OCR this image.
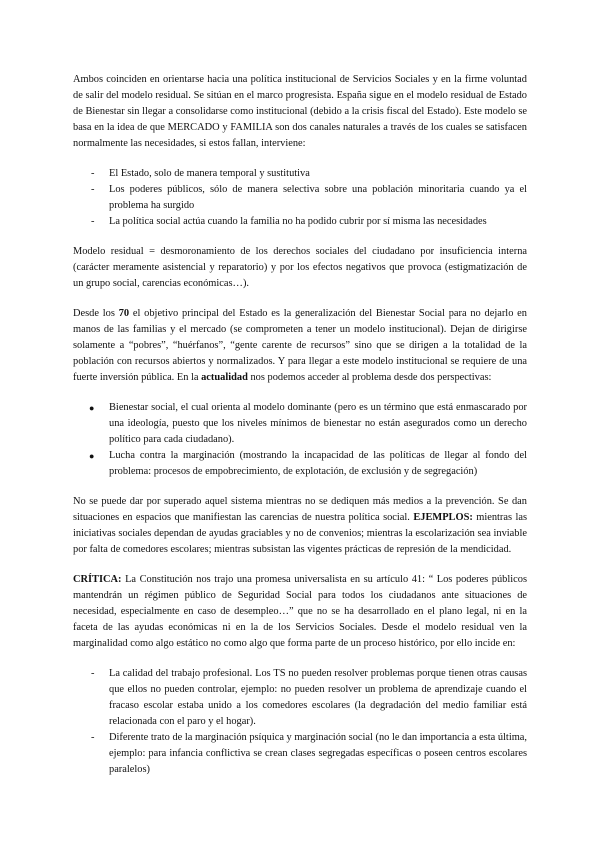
Ambos coinciden en orientarse hacia una política institucional de Servicios Sociales y en la firme voluntad de salir del modelo residual. Se sitúan en el marco progresista. España sigue en el modelo residual de Estado de Bienestar sin llegar a consolidarse como institucional (debido a la crisis fiscal del Estado). Este modelo se basa en la idea de que MERCADO y FAMILIA son dos canales naturales a través de los cuales se satisfacen normalmente las necesidades, si estos fallan, interviene:

- El Estado, solo de manera temporal y sustitutiva
- Los poderes públicos, sólo de manera selectiva sobre una población minoritaria cuando ya el problema ha surgido
- La política social actúa cuando la familia no ha podido cubrir por sí misma las necesidades

Modelo residual = desmoronamiento de los derechos sociales del ciudadano por insuficiencia interna (carácter meramente asistencial y reparatorio) y por los efectos negativos que provoca (estigmatización de un grupo social, carencias económicas…).

Desde los 70 el objetivo principal del Estado es la generalización del Bienestar Social para no dejarlo en manos de las familias y el mercado (se comprometen a tener un modelo institucional). Dejan de dirigirse solamente a “pobres”, “huérfanos”, “gente carente de recursos” sino que se dirigen a la totalidad de la población con recursos abiertos y normalizados. Y para llegar a este modelo institucional se requiere de una fuerte inversión pública. En la actualidad nos podemos acceder al problema desde dos perspectivas:

● Bienestar social, el cual orienta al modelo dominante (pero es un término que está enmascarado por una ideología, puesto que los niveles mínimos de bienestar no están asegurados como un derecho político para cada ciudadano).
● Lucha contra la marginación (mostrando la incapacidad de las políticas de llegar al fondo del problema: procesos de empobrecimiento, de explotación, de exclusión y de segregación)

No se puede dar por superado aquel sistema mientras no se dediquen más medios a la prevención. Se dan situaciones en espacios que manifiestan las carencias de nuestra política social. EJEMPLOS: mientras las iniciativas sociales dependan de ayudas graciables y no de convenios; mientras la escolarización sea inviable por falta de comedores escolares; mientras subsistan las vigentes prácticas de represión de la mendicidad.

CRÍTICA: La Constitución nos trajo una promesa universalista en su artículo 41: “ Los poderes públicos mantendrán un régimen público de Seguridad Social para todos los ciudadanos ante situaciones de necesidad, especialmente en caso de desempleo…” que no se ha desarrollado en el plano legal, ni en la faceta de las ayudas económicas ni en la de los Servicios Sociales. Desde el modelo residual ven la marginalidad como algo estático no como algo que forma parte de un proceso histórico, por ello incide en:

- La calidad del trabajo profesional. Los TS no pueden resolver problemas porque tienen otras causas que ellos no pueden controlar, ejemplo: no pueden resolver un problema de aprendizaje cuando el fracaso escolar estaba unido a los comedores escolares (la degradación del medio familiar está relacionada con el paro y el hogar).
- Diferente trato de la marginación psíquica y marginación social (no le dan importancia a esta última, ejemplo: para infancia conflictiva se crean clases segregadas específicas o poseen centros escolares paralelos)
